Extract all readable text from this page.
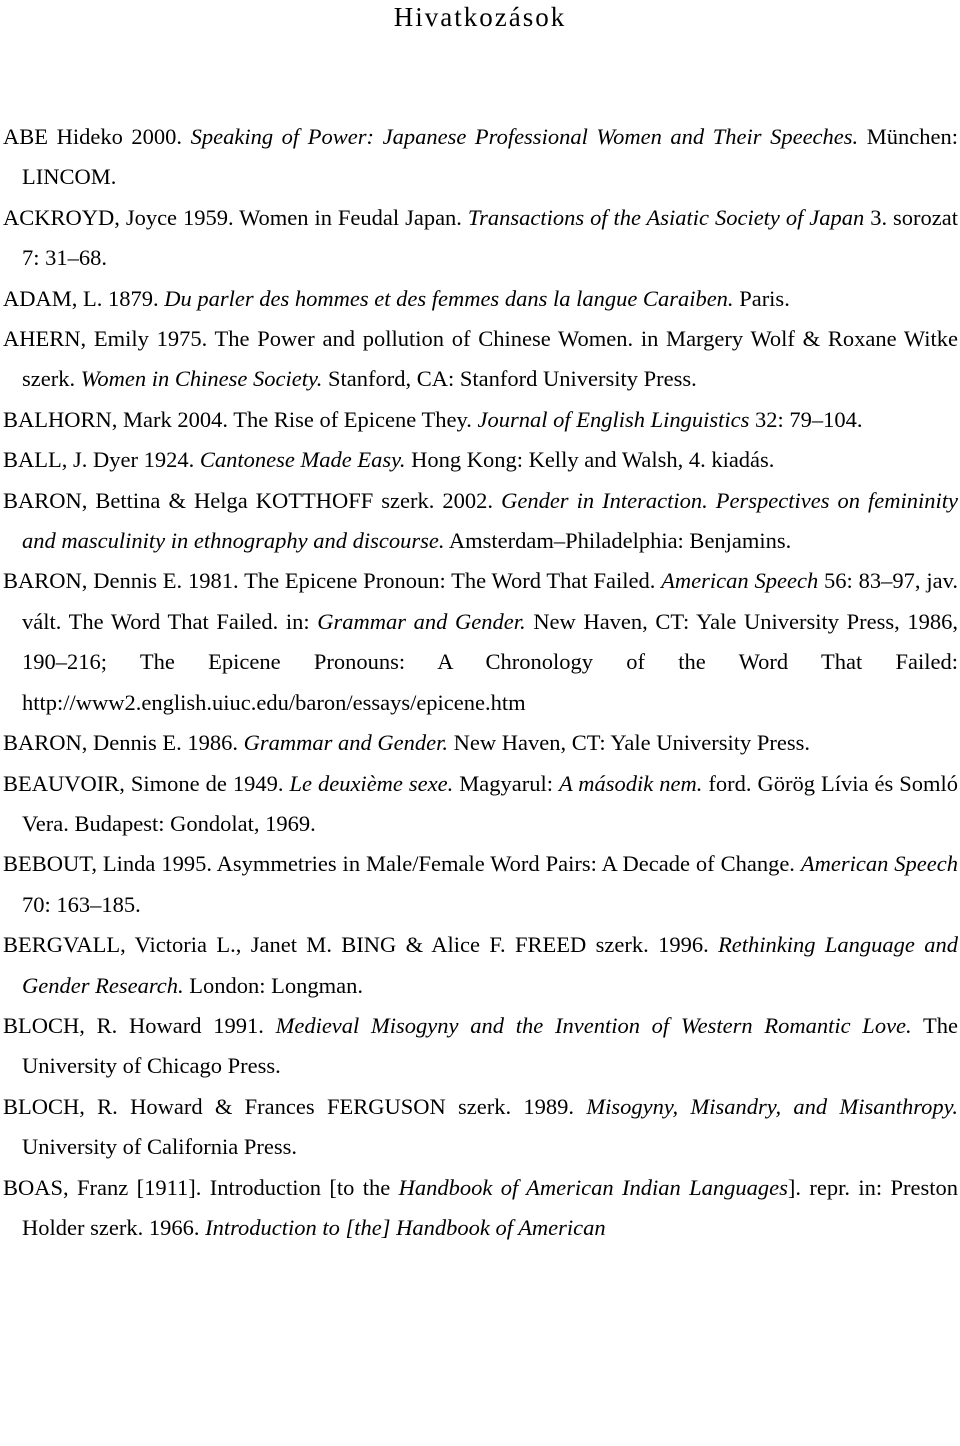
Hivatkozások
ABE Hideko 2000. Speaking of Power: Japanese Professional Women and Their Speeches. München: LINCOM.
ACKROYD, Joyce 1959. Women in Feudal Japan. Transactions of the Asiatic Society of Japan 3. sorozat 7: 31–68.
ADAM, L. 1879. Du parler des hommes et des femmes dans la langue Caraiben. Paris.
AHERN, Emily 1975. The Power and pollution of Chinese Women. in Margery Wolf & Roxane Witke szerk. Women in Chinese Society. Stanford, CA: Stanford University Press.
BALHORN, Mark 2004. The Rise of Epicene They. Journal of English Linguistics 32: 79–104.
BALL, J. Dyer 1924. Cantonese Made Easy. Hong Kong: Kelly and Walsh, 4. kiadás.
BARON, Bettina & Helga KOTTHOFF szerk. 2002. Gender in Interaction. Perspectives on femininity and masculinity in ethnography and discourse. Amsterdam–Philadelphia: Benjamins.
BARON, Dennis E. 1981. The Epicene Pronoun: The Word That Failed. American Speech 56: 83–97, jav. vált. The Word That Failed. in: Grammar and Gender. New Haven, CT: Yale University Press, 1986, 190–216; The Epicene Pronouns: A Chronology of the Word That Failed: http://www2.english.uiuc.edu/baron/essays/epicene.htm
BARON, Dennis E. 1986. Grammar and Gender. New Haven, CT: Yale University Press.
BEAUVOIR, Simone de 1949. Le deuxième sexe. Magyarul: A második nem. ford. Görög Lívia és Somló Vera. Budapest: Gondolat, 1969.
BEBOUT, Linda 1995. Asymmetries in Male/Female Word Pairs: A Decade of Change. American Speech 70: 163–185.
BERGVALL, Victoria L., Janet M. BING & Alice F. FREED szerk. 1996. Rethinking Language and Gender Research. London: Longman.
BLOCH, R. Howard 1991. Medieval Misogyny and the Invention of Western Romantic Love. The University of Chicago Press.
BLOCH, R. Howard & Frances FERGUSON szerk. 1989. Misogyny, Misandry, and Misanthropy. University of California Press.
BOAS, Franz [1911]. Introduction [to the Handbook of American Indian Languages]. repr. in: Preston Holder szerk. 1966. Introduction to [the] Handbook of American
